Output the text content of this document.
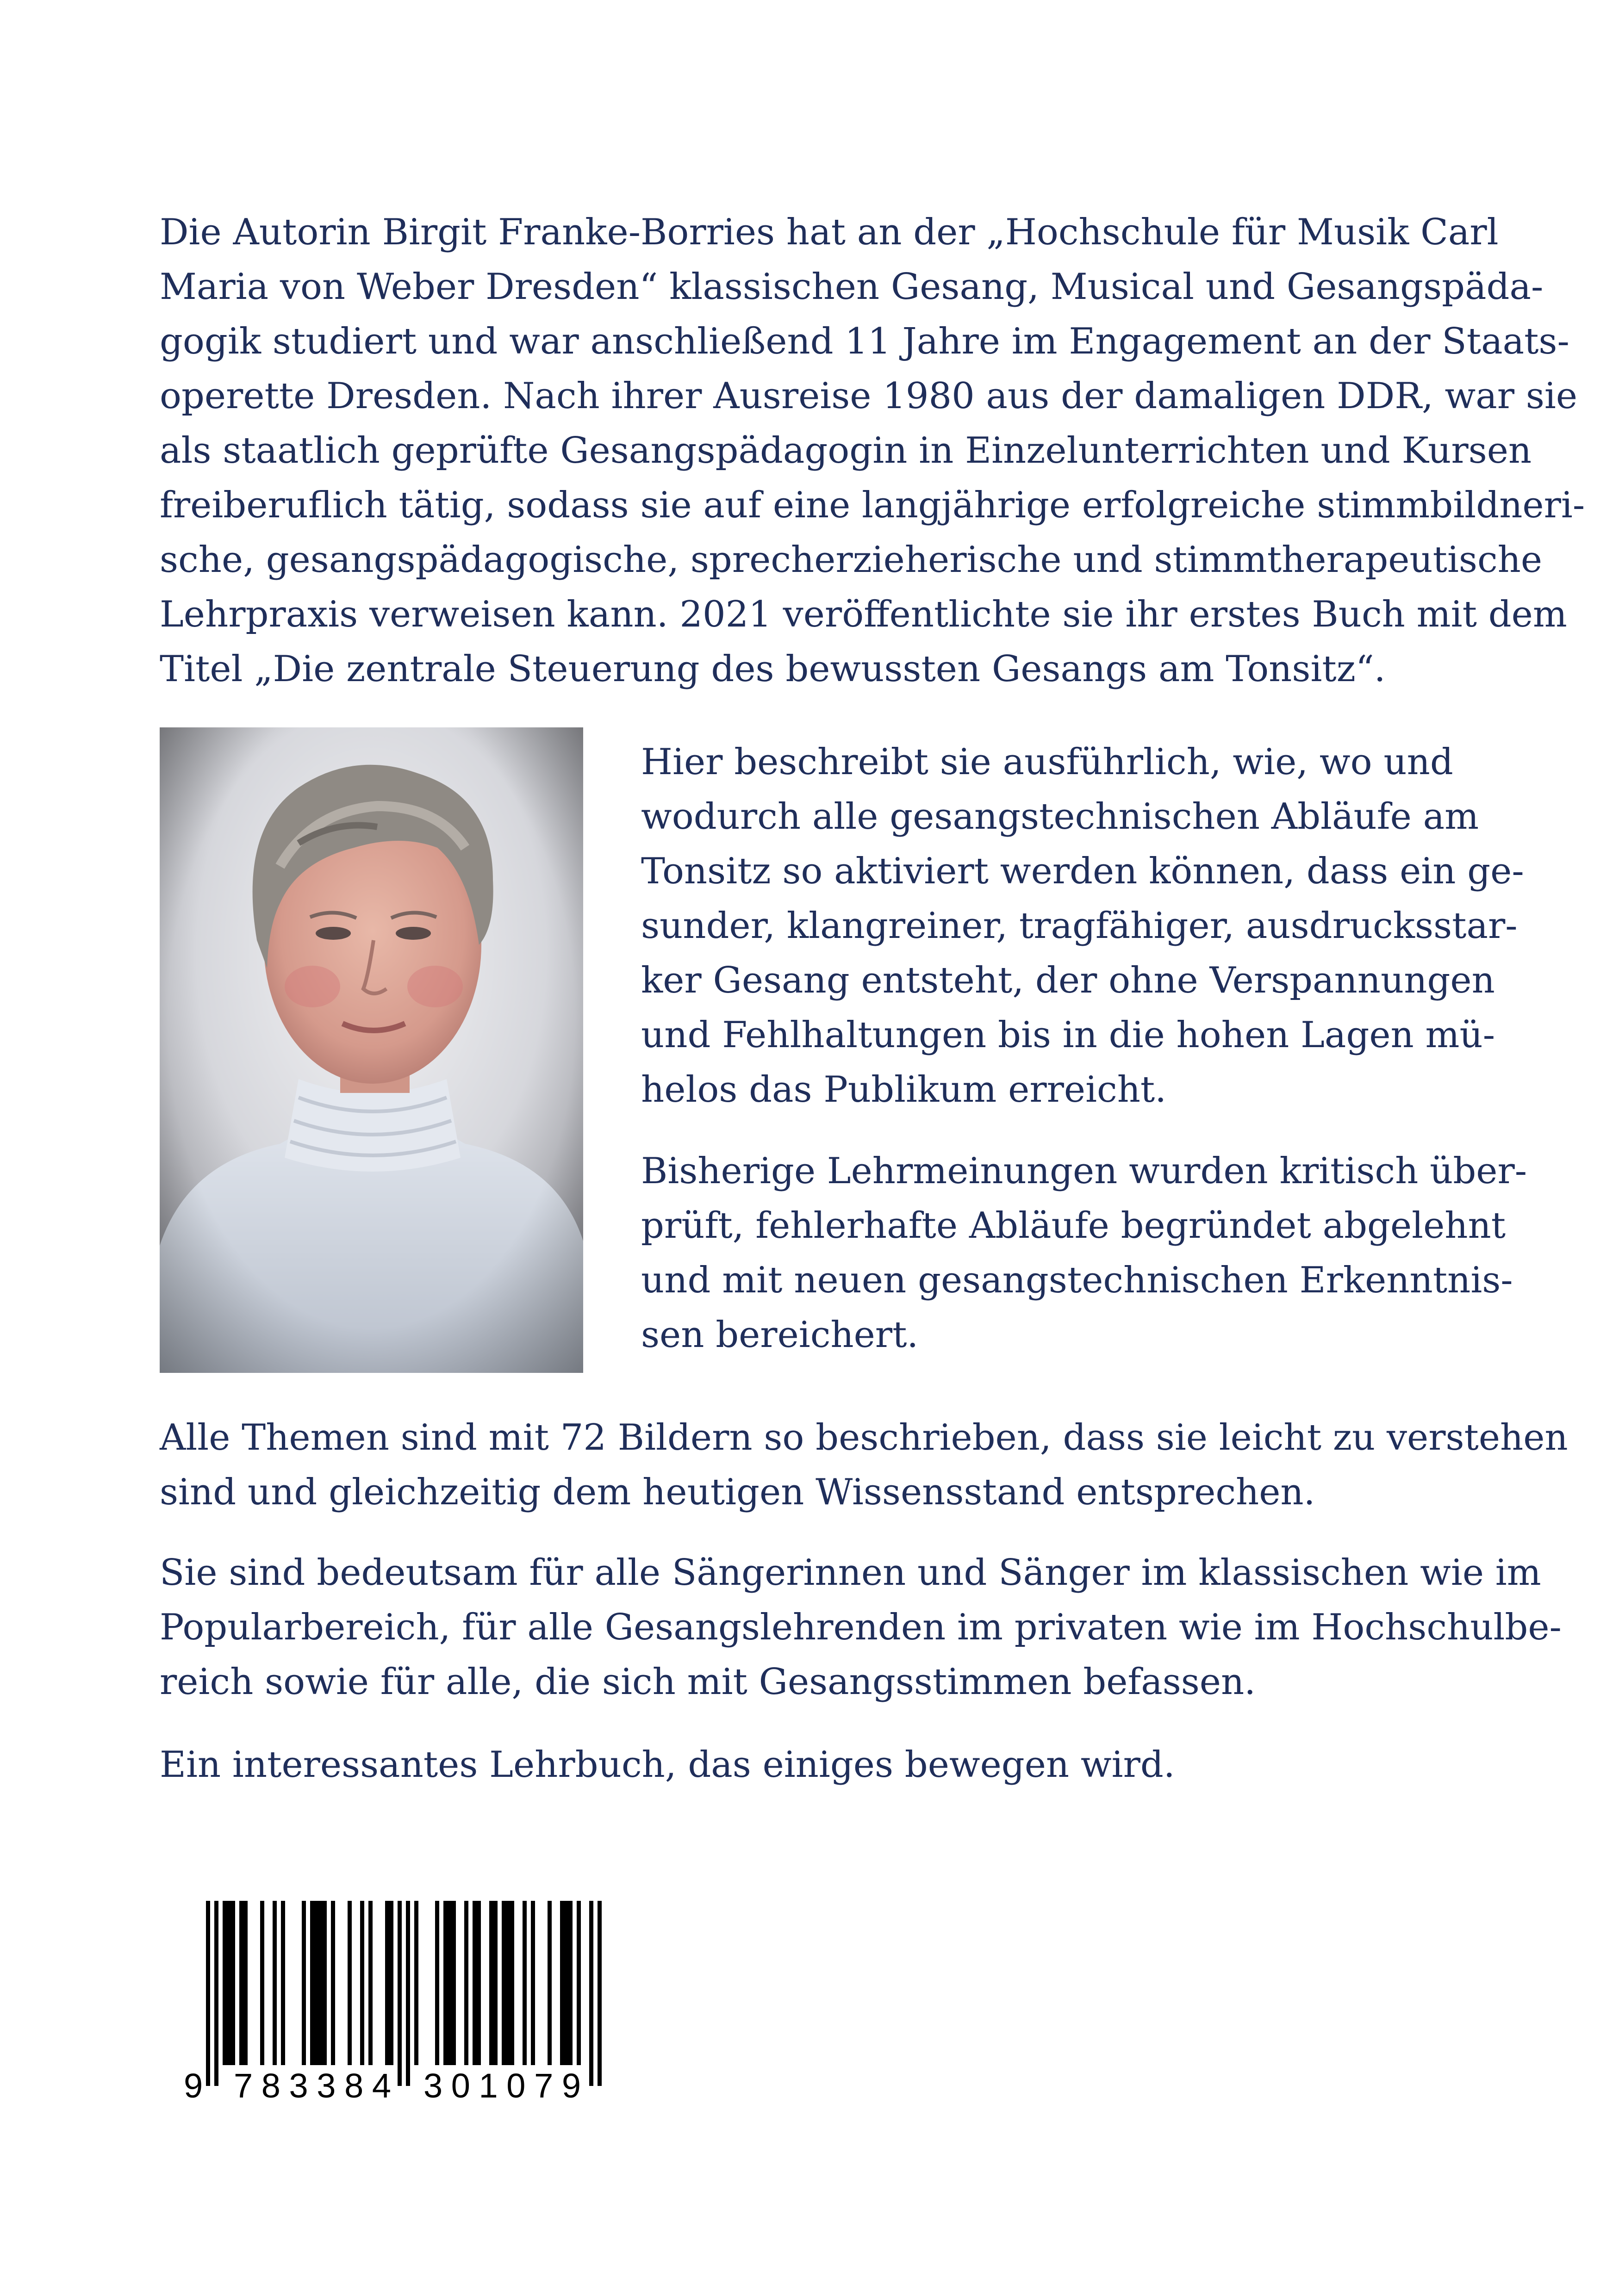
Die Autorin Birgit Franke-Borries hat an der „Hochschule für Musik Carl
Maria von Weber Dresden“ klassischen Gesang, Musical und Gesangspäda-
gogik studiert und war anschließend 11 Jahre im Engagement an der Staats-
operette Dresden. Nach ihrer Ausreise 1980 aus der damaligen DDR, war sie
als staatlich geprüfte Gesangspädagogin in Einzelunterrichten und Kursen
freiberuflich tätig, sodass sie auf eine langjährige erfolgreiche stimmbildneri-
sche, gesangspädagogische, sprecherzieherische und stimmtherapeutische
Lehrpraxis verweisen kann. 2021 veröffentlichte sie ihr erstes Buch mit dem
Titel „Die zentrale Steuerung des bewussten Gesangs am Tonsitz“.
Hier beschreibt sie ausführlich, wie, wo und
wodurch alle gesangstechnischen Abläufe am
Tonsitz so aktiviert werden können, dass ein ge-
sunder, klangreiner, tragfähiger, ausdrucksstar-
ker Gesang entsteht, der ohne Verspannungen
und Fehlhaltungen bis in die hohen Lagen mü-
helos das Publikum erreicht.
Bisherige Lehrmeinungen wurden kritisch über-
prüft, fehlerhafte Abläufe begründet abgelehnt
und mit neuen gesangstechnischen Erkenntnis-
sen bereichert.
Alle Themen sind mit 72 Bildern so beschrieben, dass sie leicht zu verstehen
sind und gleichzeitig dem heutigen Wissensstand entsprechen.
Sie sind bedeutsam für alle Sängerinnen und Sänger im klassischen wie im
Popularbereich, für alle Gesangslehrenden im privaten wie im Hochschulbe-
reich sowie für alle, die sich mit Gesangsstimmen befassen.
Ein interessantes Lehrbuch, das einiges bewegen wird.
9 783384 301079
